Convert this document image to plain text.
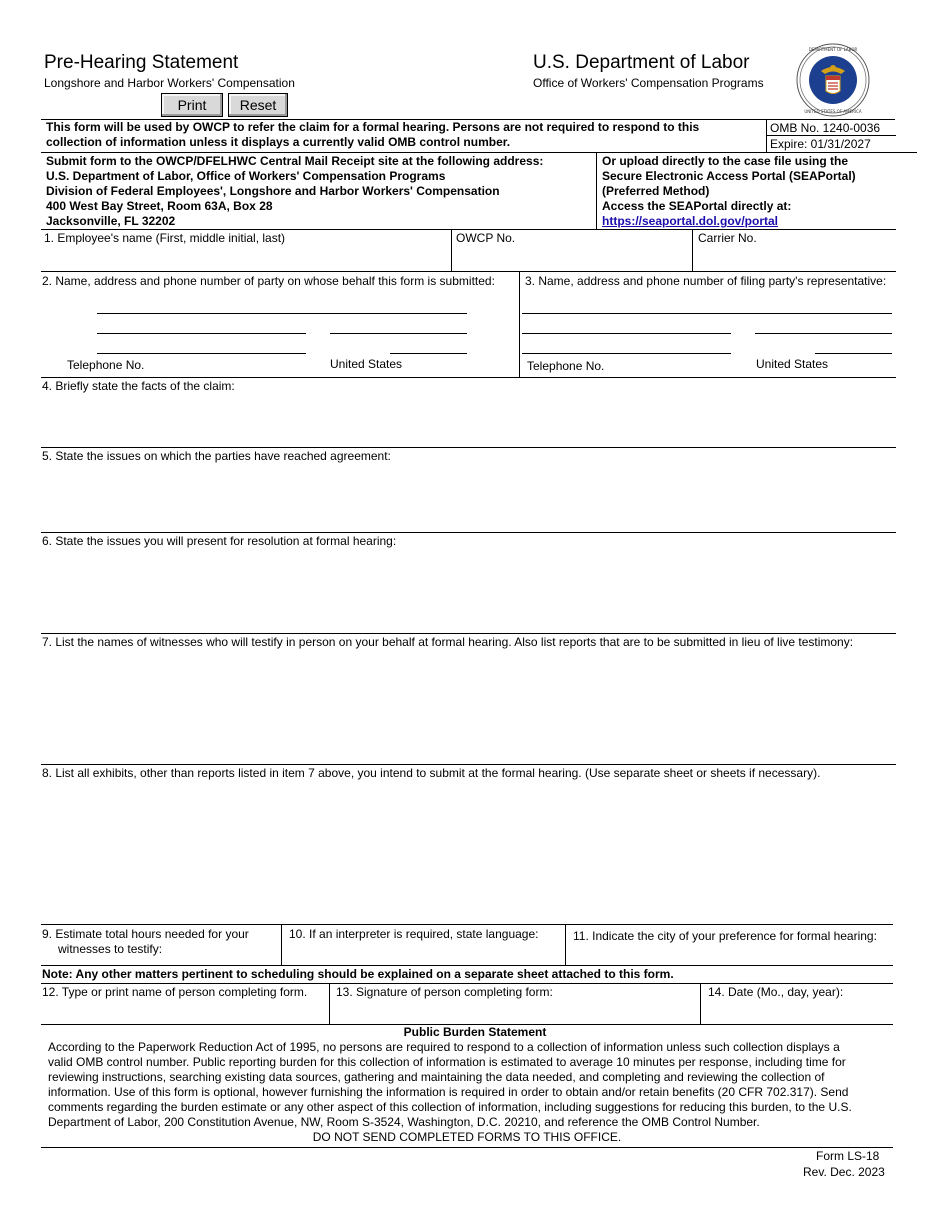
Pre-Hearing Statement
Longshore and Harbor Workers' Compensation
U.S. Department of Labor
Office of Workers' Compensation Programs
Print	Reset
DEPARTMENT OF LABOR
UNITED STATES OF AMERICA
This form will be used by OWCP to refer the claim for a formal hearing. Persons are not required to respond to this
collection of information unless it displays a currently valid OMB control number.
OMB No. 1240-0036
Expire: 01/31/2027
Submit form to the OWCP/DFELHWC Central Mail Receipt site at the following address:
U.S. Department of Labor, Office of Workers' Compensation Programs
Division of Federal Employees', Longshore and Harbor Workers' Compensation
400 West Bay Street, Room 63A, Box 28
Jacksonville, FL 32202
Or upload directly to the case file using the
Secure Electronic Access Portal (SEAPortal)
(Preferred Method)
Access the SEAPortal directly at:
https://seaportal.dol.gov/portal
1. Employee's name (First, middle initial, last)	OWCP No.	Carrier No.
2. Name, address and phone number of party on whose behalf this form is submitted:	3. Name, address and phone number of filing party's representative:
Telephone No.	United States	Telephone No.	United States
4. Briefly state the facts of the claim:
5. State the issues on which the parties have reached agreement:
6. State the issues you will present for resolution at formal hearing:
7. List the names of witnesses who will testify in person on your behalf at formal hearing. Also list reports that are to be submitted in lieu of live testimony:
8. List all exhibits, other than reports listed in item 7 above, you intend to submit at the formal hearing. (Use separate sheet or sheets if necessary).
9. Estimate total hours needed for your
witnesses to testify:
10. If an interpreter is required, state language:	11. Indicate the city of your preference for formal hearing:
Note: Any other matters pertinent to scheduling should be explained on a separate sheet attached to this form.
12. Type or print name of person completing form. 13. Signature of person completing form:	14. Date (Mo., day, year):
Public Burden Statement
According to the Paperwork Reduction Act of 1995, no persons are required to respond to a collection of information unless such collection displays a
valid OMB control number. Public reporting burden for this collection of information is estimated to average 10 minutes per response, including time for
reviewing instructions, searching existing data sources, gathering and maintaining the data needed, and completing and reviewing the collection of
information. Use of this form is optional, however furnishing the information is required in order to obtain and/or retain benefits (20 CFR 702.317). Send
comments regarding the burden estimate or any other aspect of this collection of information, including suggestions for reducing this burden, to the U.S.
Department of Labor, 200 Constitution Avenue, NW, Room S-3524, Washington, D.C. 20210, and reference the OMB Control Number.
DO NOT SEND COMPLETED FORMS TO THIS OFFICE.
Form LS-18
Rev. Dec. 2023
